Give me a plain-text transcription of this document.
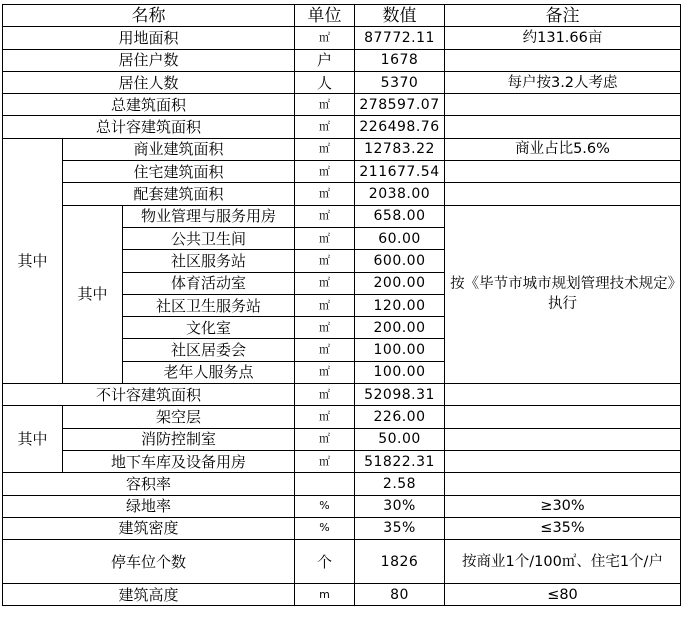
名称			单位	数值	备注
用地面积			㎡	87772.11	约131.66亩
居住户数			户	1678	
居住人数			人	5370	每户按3.2人考虑
总建筑面积			㎡	278597.07	
总计容建筑面积			㎡	226498.76	
其中	商业建筑面积		㎡	12783.22	商业占比5.6%
	住宅建筑面积		㎡	211677.54	
	配套建筑面积		㎡	2038.00	
	其中	物业管理与服务用房	㎡	658.00	按《毕节市城市规划管理技术规定》执行
		公共卫生间	㎡	60.00	
		社区服务站	㎡	600.00	
		体育活动室	㎡	200.00	
		社区卫生服务站	㎡	120.00	
		文化室	㎡	200.00	
		社区居委会	㎡	100.00	
		老年人服务点	㎡	100.00	
不计容建筑面积			㎡	52098.31	
其中	架空层		㎡	226.00	
	消防控制室		㎡	50.00	
	地下车库及设备用房		㎡	51822.31	
容积率				2.58	
绿地率			%	30%	≥30%
建筑密度			%	35%	≤35%
停车位个数			个	1826	按商业1个/100㎡、住宅1个/户
建筑高度			m	80	≤80
